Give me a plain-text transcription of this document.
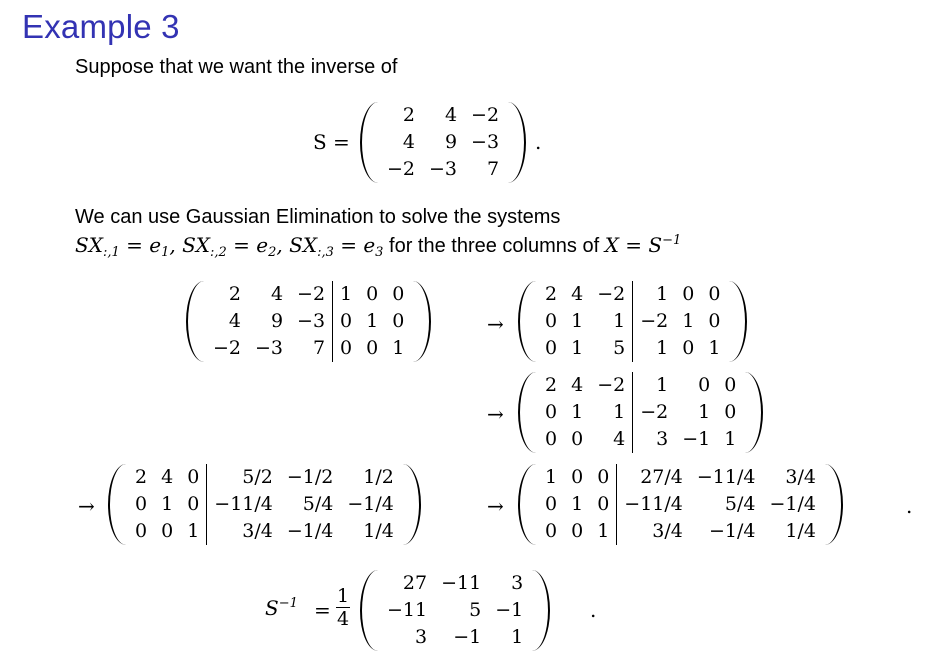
Example 3
Suppose that we want the inverse of
S =
2	4	−2
4	9	−3
−2	−3	7
.
We can use Gaussian Elimination to solve the systems
$SX_{:,1} = e_1$, $SX_{:,2} = e_2$, $SX_{:,3} = e_3$ for the three columns of $X = S^{-1}$
2	4	−2	1	0	0
4	9	−3	0	1	0
−2	−3	7	0	0	1
→
2	4	−2	1	0	0
0	1	1	−2	1	0
0	1	5	1	0	1
→
2	4	−2	1	0	0
0	1	1	−2	1	0
0	0	4	3	−1	1
→
2	4	0	5/2	−1/2	1/2
0	1	0	−11/4	5/4	−1/4
0	0	1	3/4	−1/4	1/4
→
1	0	0	27/4	−11/4	3/4
0	1	0	−11/4	5/4	−1/4
0	0	1	3/4	−1/4	1/4
.
$S^{-1} = \frac{1}{4}$
27	−11	3
−11	5	−1
3	−1	1
.
